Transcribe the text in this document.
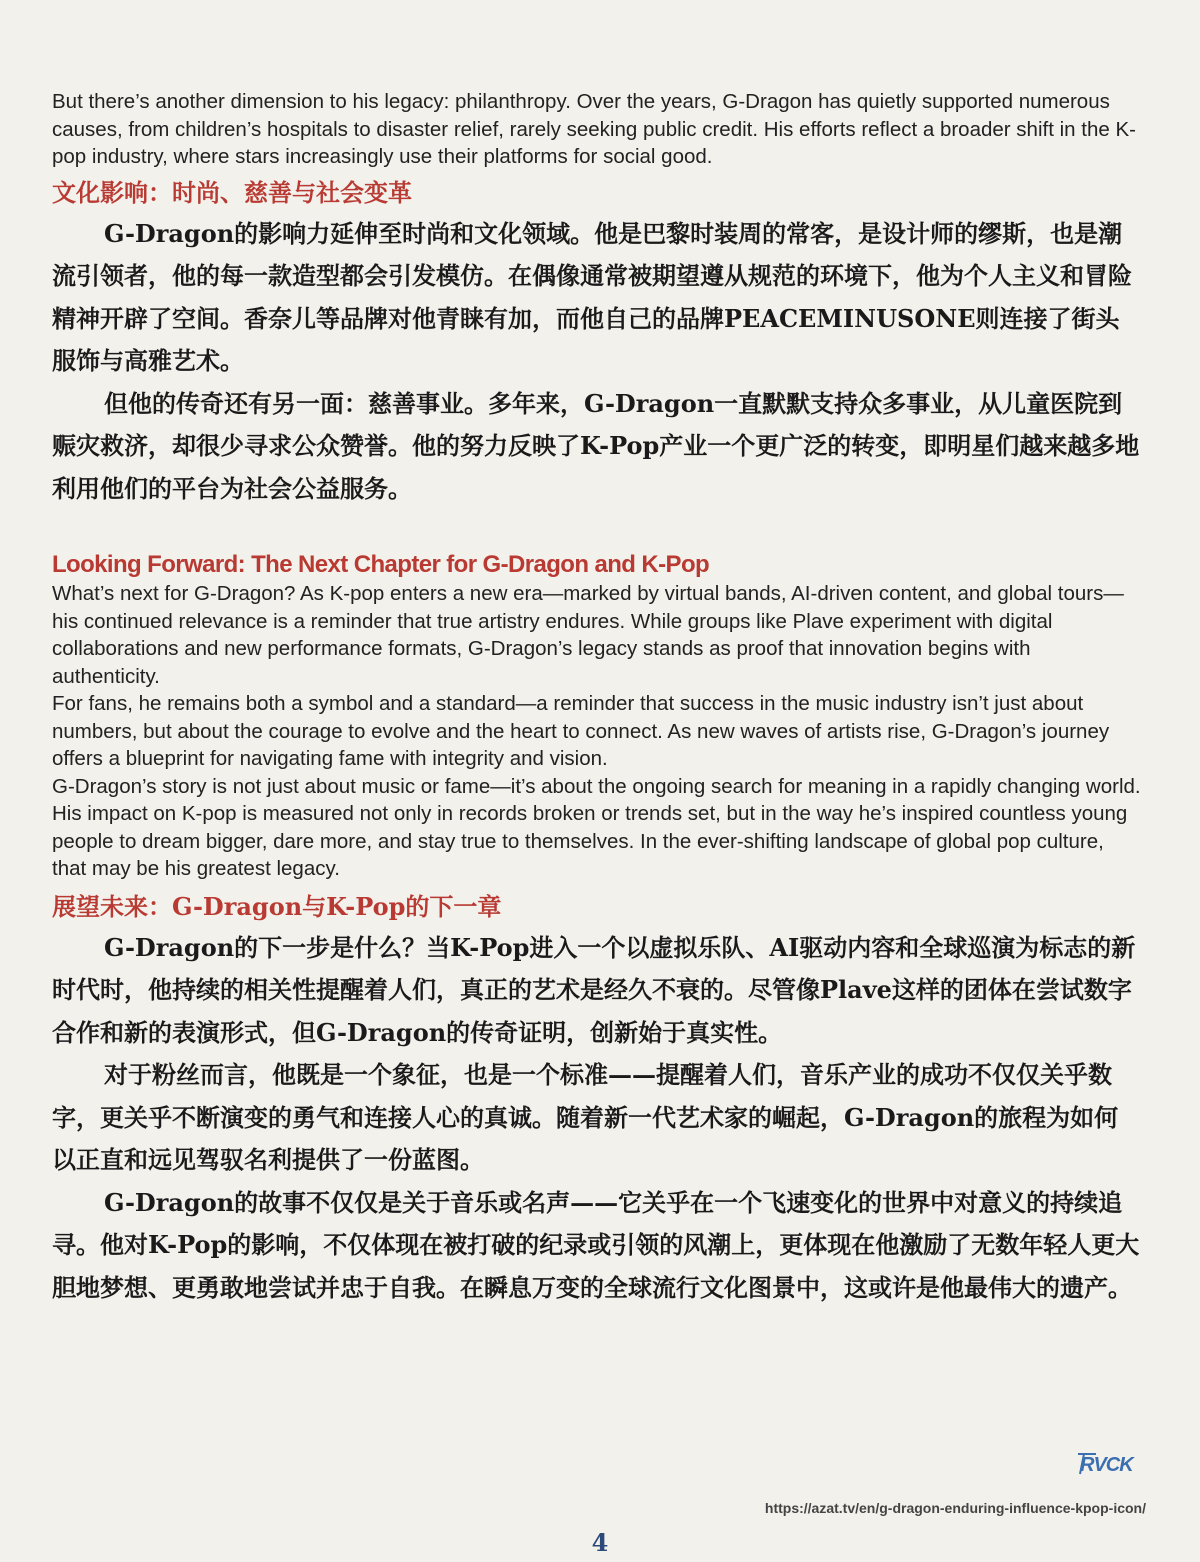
But there’s another dimension to his legacy: philanthropy. Over the years, G-Dragon has quietly supported numerous causes, from children’s hospitals to disaster relief, rarely seeking public credit. His efforts reflect a broader shift in the K-pop industry, where stars increasingly use their platforms for social good.

文化影响：时尚、慈善与社会变革

G-Dragon的影响力延伸至时尚和文化领域。他是巴黎时装周的常客，是设计师的缪斯，也是潮流引领者，他的每一款造型都会引发模仿。在偶像通常被期望遵从规范的环境下，他为个人主义和冒险精神开辟了空间。香奈儿等品牌对他青睐有加，而他自己的品牌PEACEMINUSONE则连接了街头服饰与高雅艺术。

但他的传奇还有另一面：慈善事业。多年来，G-Dragon一直默默支持众多事业，从儿童医院到赈灾救济，却很少寻求公众赞誉。他的努力反映了K-Pop产业一个更广泛的转变，即明星们越来越多地利用他们的平台为社会公益服务。

Looking Forward: The Next Chapter for G-Dragon and K-Pop

What’s next for G-Dragon? As K-pop enters a new era—marked by virtual bands, AI-driven content, and global tours—his continued relevance is a reminder that true artistry endures. While groups like Plave experiment with digital collaborations and new performance formats, G-Dragon’s legacy stands as proof that innovation begins with authenticity.

For fans, he remains both a symbol and a standard—a reminder that success in the music industry isn’t just about numbers, but about the courage to evolve and the heart to connect. As new waves of artists rise, G-Dragon’s journey offers a blueprint for navigating fame with integrity and vision.

G-Dragon’s story is not just about music or fame—it’s about the ongoing search for meaning in a rapidly changing world. His impact on K-pop is measured not only in records broken or trends set, but in the way he’s inspired countless young people to dream bigger, dare more, and stay true to themselves. In the ever-shifting landscape of global pop culture, that may be his greatest legacy.

展望未来：G-Dragon与K-Pop的下一章

G-Dragon的下一步是什么？当K-Pop进入一个以虚拟乐队、AI驱动内容和全球巡演为标志的新时代时，他持续的相关性提醒着人们，真正的艺术是经久不衰的。尽管像Plave这样的团体在尝试数字合作和新的表演形式，但G-Dragon的传奇证明，创新始于真实性。

对于粉丝而言，他既是一个象征，也是一个标准——提醒着人们，音乐产业的成功不仅仅关乎数字，更关乎不断演变的勇气和连接人心的真诚。随着新一代艺术家的崛起，G-Dragon的旅程为如何以正直和远见驾驭名利提供了一份蓝图。

G-Dragon的故事不仅仅是关于音乐或名声——它关乎在一个飞速变化的世界中对意义的持续追寻。他对K-Pop的影响，不仅体现在被打破的纪录或引领的风潮上，更体现在他激励了无数年轻人更大胆地梦想、更勇敢地尝试并忠于自我。在瞬息万变的全球流行文化图景中，这或许是他最伟大的遗产。

RVCK
https://azat.tv/en/g-dragon-enduring-influence-kpop-icon/
4
